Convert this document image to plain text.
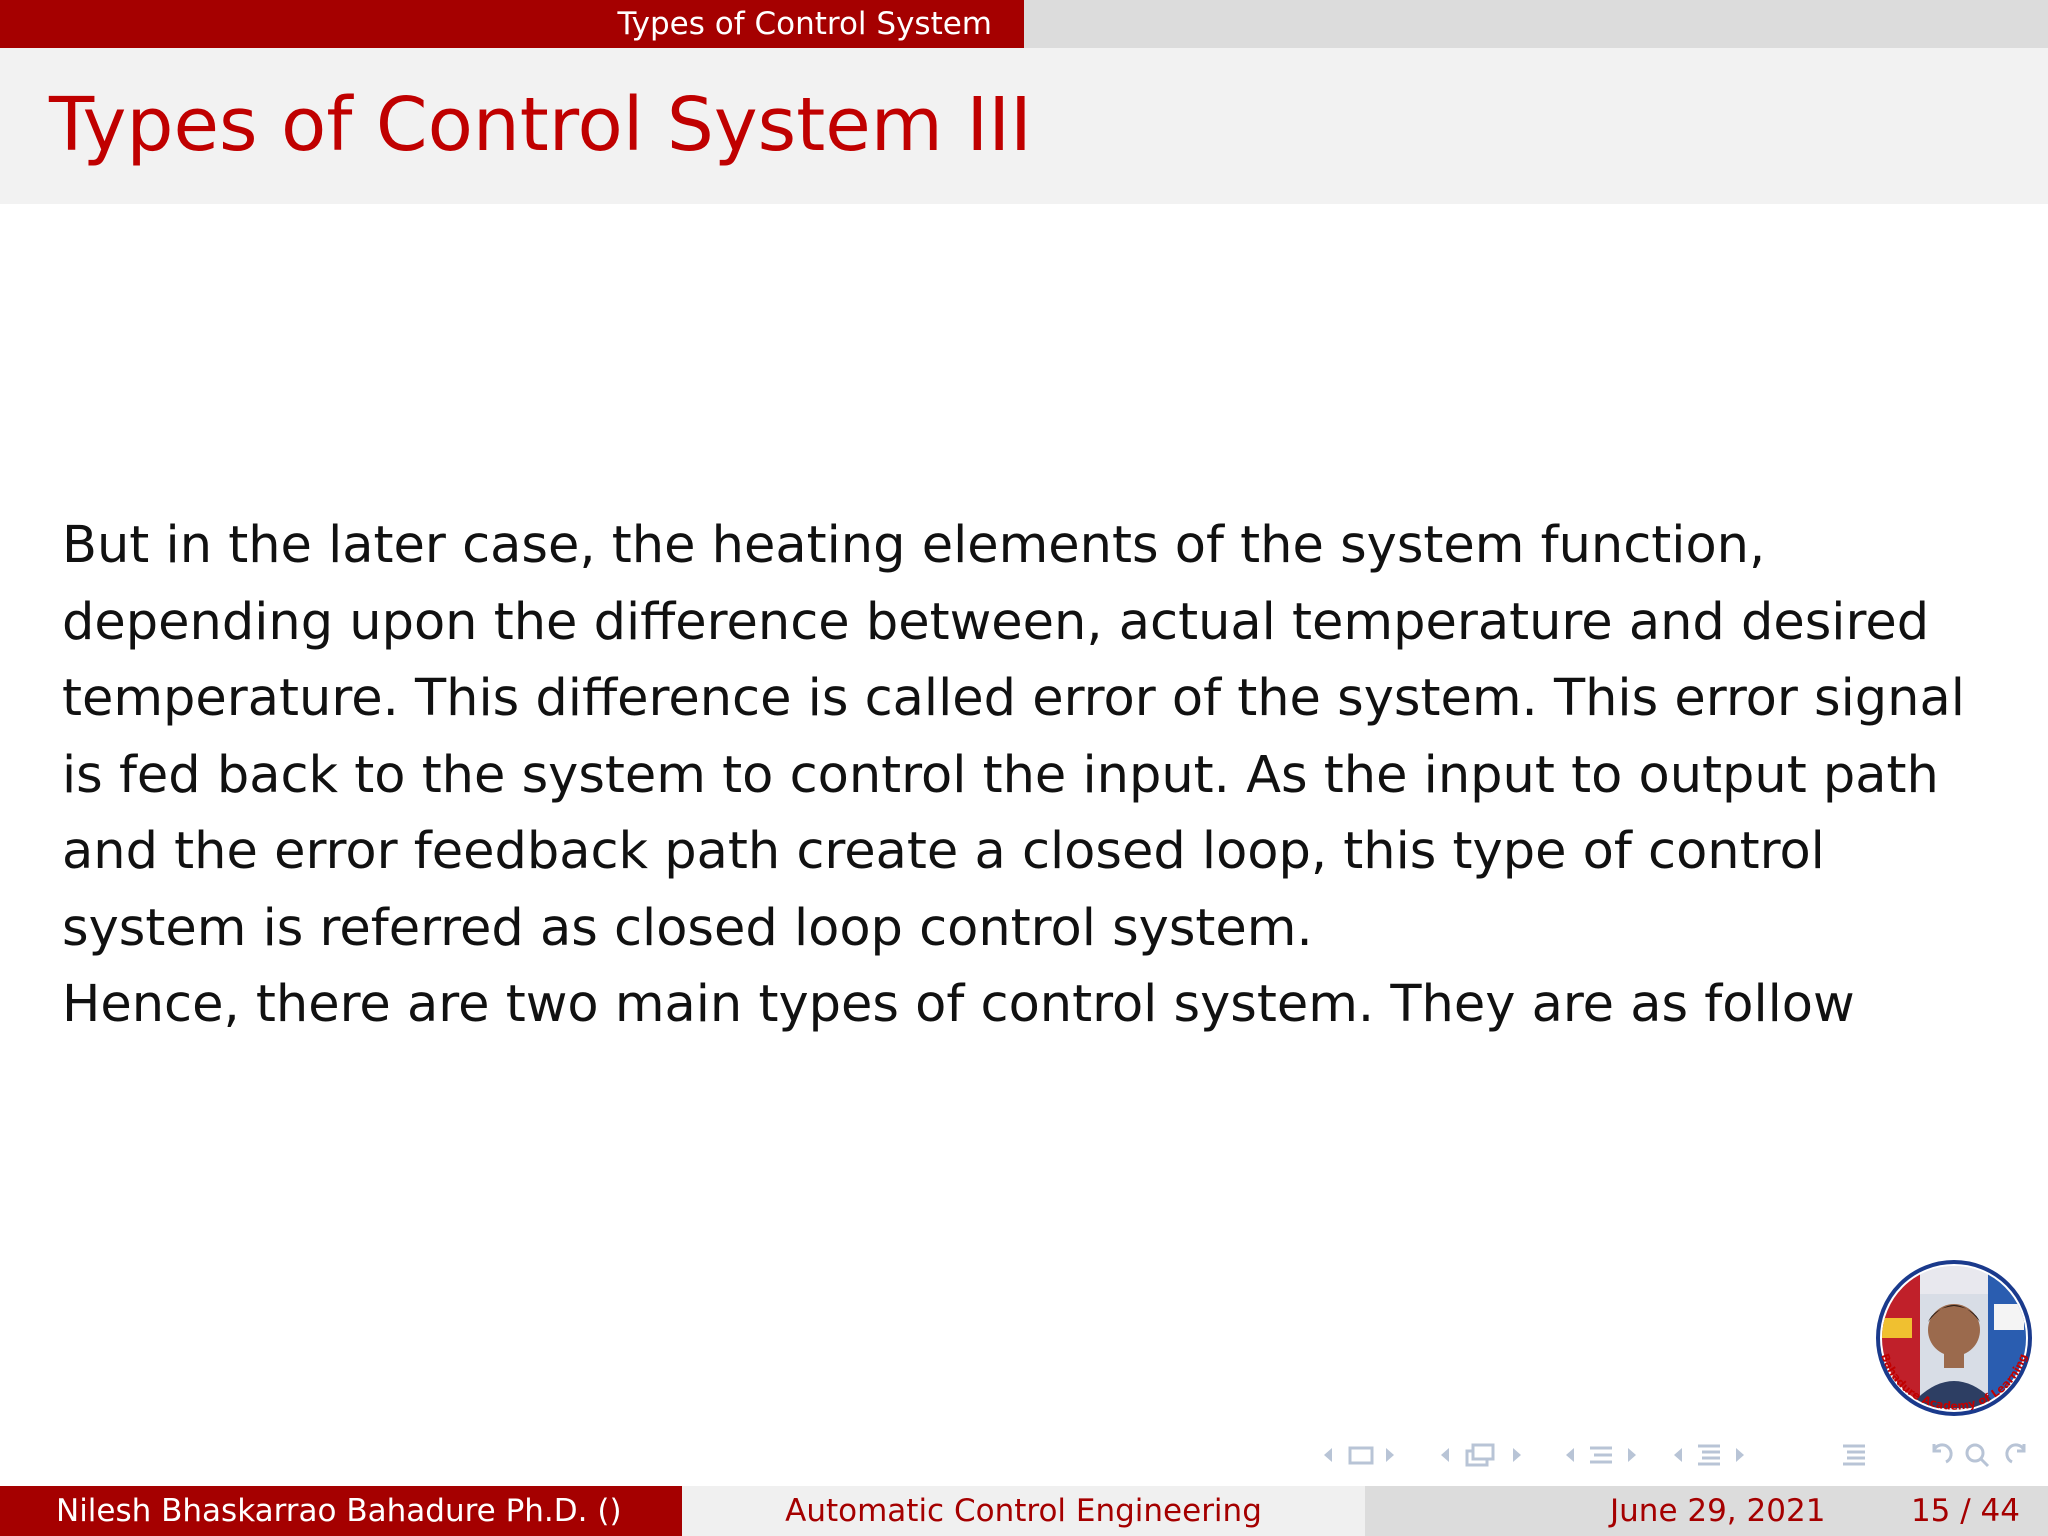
Types of Control System
Types of Control System III

But in the later case, the heating elements of the system function, depending upon the difference between, actual temperature and desired temperature. This difference is called error of the system. This error signal is fed back to the system to control the input. As the input to output path and the error feedback path create a closed loop, this type of control system is referred as closed loop control system.

Hence, there are two main types of control system. They are as follow

Bahadure Academy of Learning
Nilesh Bhaskarrao Bahadure Ph.D. ()	Automatic Control Engineering	June 29, 2021	15 / 44
